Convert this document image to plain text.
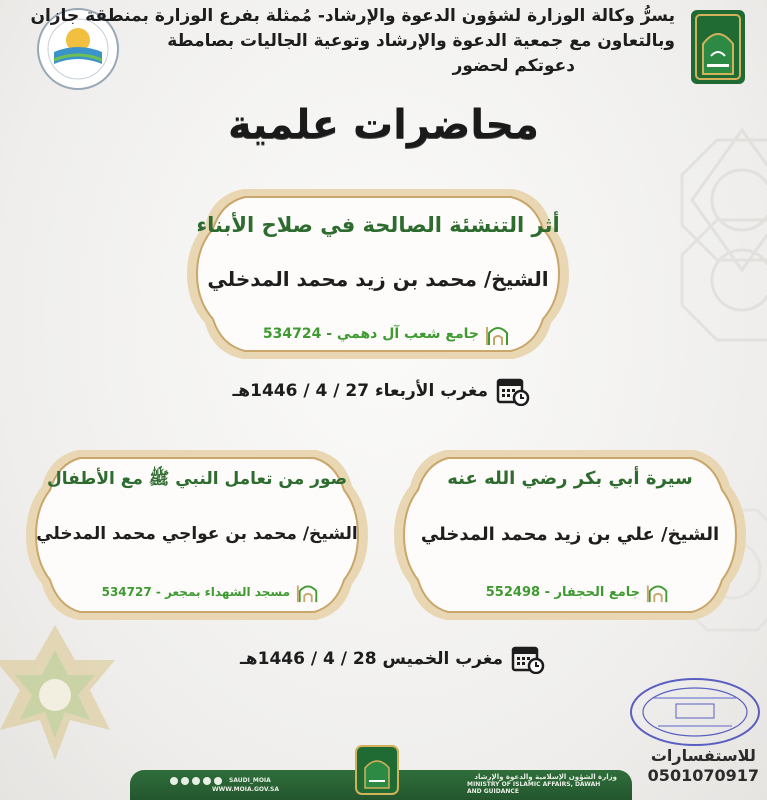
يسرُّ وكالة الوزارة لشؤون الدعوة والإرشاد- مُمثلة بفرع الوزارة بمنطقة جازان
وبالتعاون مع جمعية الدعوة والإرشاد وتوعية الجاليات بصامطة
دعوتكم لحضور
محاضرات علمية
أثر التنشئة الصالحة في صلاح الأبناء
الشيخ/ محمد بن زيد محمد المدخلي
جامع شعب آل دهمي - 534724
مغرب الأربعاء 27 / 4 / 1446هـ
صور من تعامل النبي ﷺ مع الأطفال
الشيخ/ محمد بن عواجي محمد المدخلي
مسجد الشهداء بمجعر - 534727
سيرة أبي بكر رضي الله عنه
الشيخ/ علي بن زيد محمد المدخلي
جامع الحجفار - 552498
مغرب الخميس 28 / 4 / 1446هـ
للاستفسارات
0501070917
وزارة الشؤون الإسلامية والدعوة والإرشاد
MINISTRY OF ISLAMIC AFFAIRS, DAWAH AND GUIDANCE
SAUDI_MOIA
WWW.MOIA.GOV.SA
